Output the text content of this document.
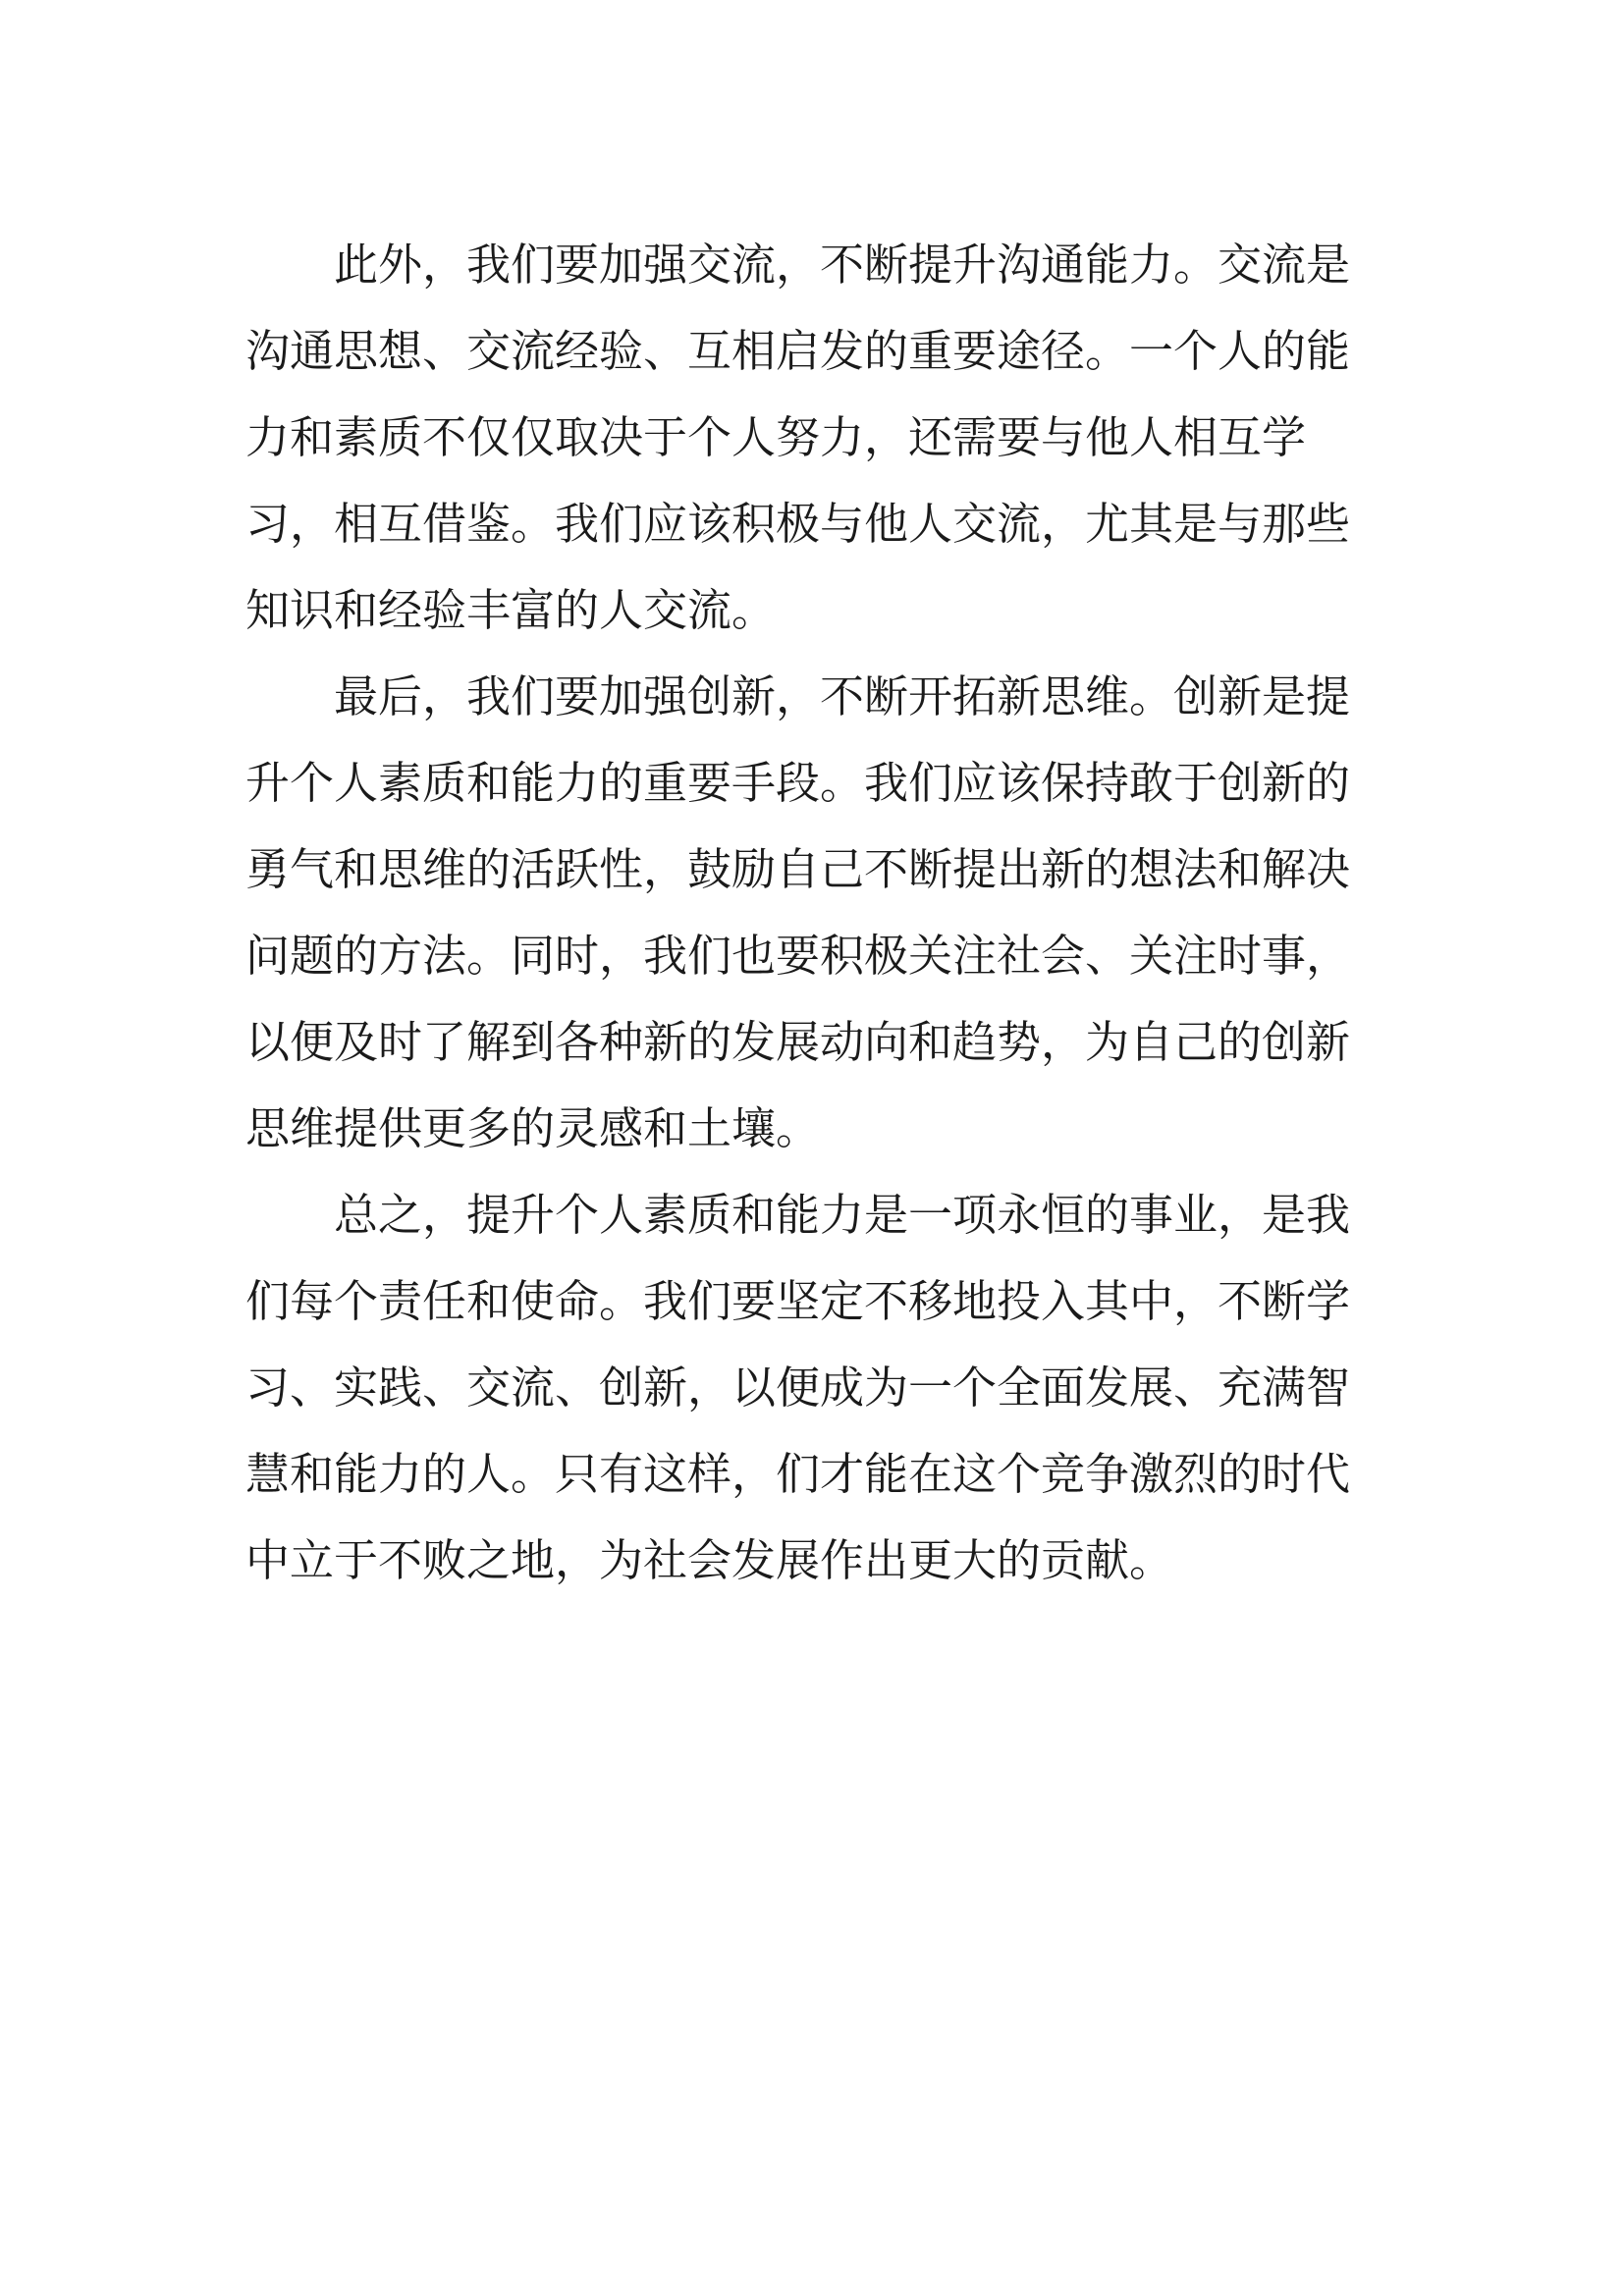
此外，我们要加强交流，不断提升沟通能力。交流是

沟通思想、交流经验、互相启发的重要途径。一个人的能

力和素质不仅仅取决于个人努力，还需要与他人相互学

习，相互借鉴。我们应该积极与他人交流，尤其是与那些

知识和经验丰富的人交流。

最后，我们要加强创新，不断开拓新思维。创新是提

升个人素质和能力的重要手段。我们应该保持敢于创新的

勇气和思维的活跃性，鼓励自己不断提出新的想法和解决

问题的方法。同时，我们也要积极关注社会、关注时事，

以便及时了解到各种新的发展动向和趋势，为自己的创新

思维提供更多的灵感和土壤。

总之，提升个人素质和能力是一项永恒的事业，是我

们每个责任和使命。我们要坚定不移地投入其中，不断学

习、实践、交流、创新，以便成为一个全面发展、充满智

慧和能力的人。只有这样，们才能在这个竞争激烈的时代

中立于不败之地，为社会发展作出更大的贡献。
